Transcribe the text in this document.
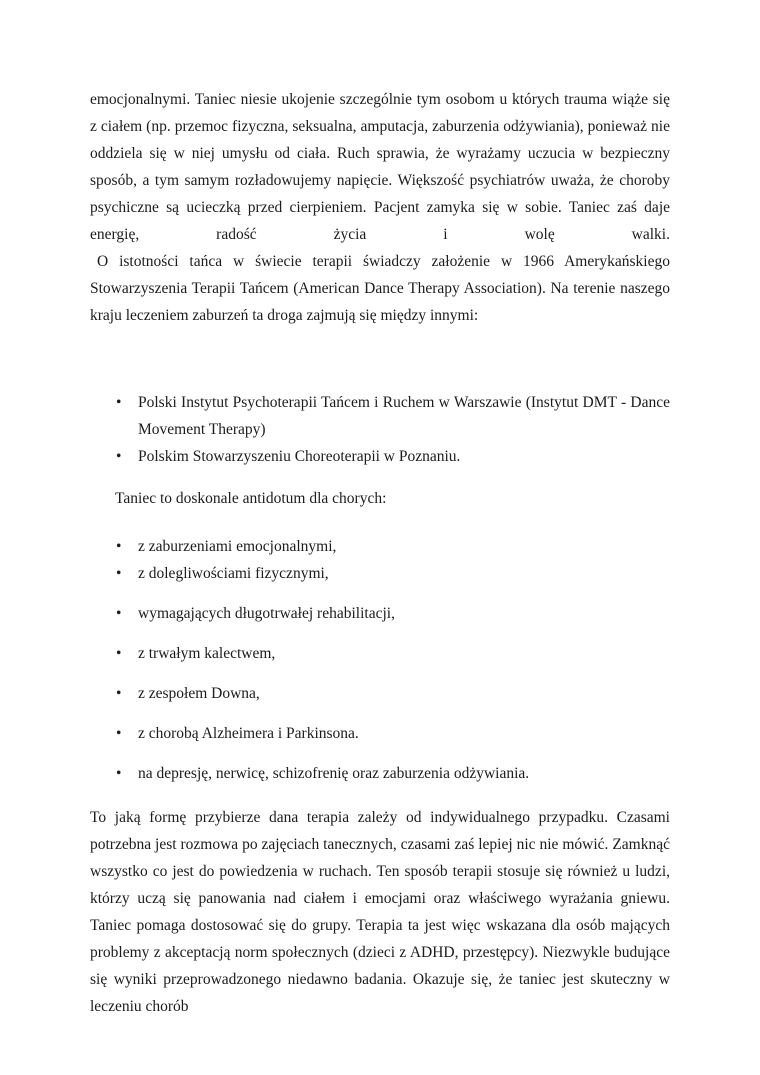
emocjonalnymi. Taniec niesie ukojenie szczególnie tym osobom u których trauma wiąże się z ciałem (np. przemoc fizyczna, seksualna, amputacja, zaburzenia odżywiania), ponieważ nie oddziela się w niej umysłu od ciała. Ruch sprawia, że wyrażamy uczucia w bezpieczny sposób, a tym samym rozładowujemy napięcie. Większość psychiatrów uważa, że choroby psychiczne są ucieczką przed cierpieniem. Pacjent zamyka się w sobie. Taniec zaś daje

energię, radość życia i wolę walki.

O istotności tańca w świecie terapii świadczy założenie w 1966 Amerykańskiego Stowarzyszenia Terapii Tańcem (American Dance Therapy Association). Na terenie naszego kraju leczeniem zaburzeń ta droga zajmują się między innymi:

• Polski Instytut Psychoterapii Tańcem i Ruchem w Warszawie (Instytut DMT - Dance Movement Therapy)
• Polskim Stowarzyszeniu Choreoterapii w Poznaniu.

Taniec to doskonale antidotum dla chorych:

• z zaburzeniami emocjonalnymi,
• z dolegliwościami fizycznymi,
• wymagających długotrwałej rehabilitacji,
• z trwałym kalectwem,
• z zespołem Downa,
• z chorobą Alzheimera i Parkinsona.
• na depresję, nerwicę, schizofrenię oraz zaburzenia odżywiania.

To jaką formę przybierze dana terapia zależy od indywidualnego przypadku. Czasami potrzebna jest rozmowa po zajęciach tanecznych, czasami zaś lepiej nic nie mówić. Zamknąć wszystko co jest do powiedzenia w ruchach. Ten sposób terapii stosuje się również u ludzi, którzy uczą się panowania nad ciałem i emocjami oraz właściwego wyrażania gniewu. Taniec pomaga dostosować się do grupy. Terapia ta jest więc wskazana dla osób mających problemy z akceptacją norm społecznych (dzieci z ADHD, przestępcy). Niezwykle budujące się wyniki przeprowadzonego niedawno badania. Okazuje się, że taniec jest skuteczny w leczeniu chorób
